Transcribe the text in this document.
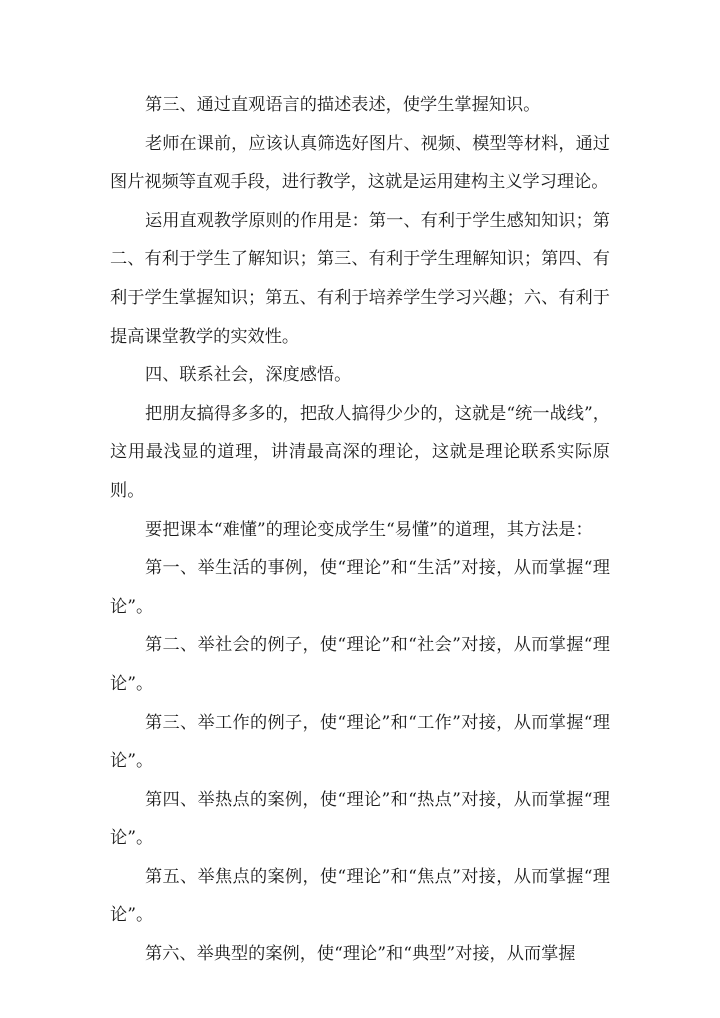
第三、通过直观语言的描述表述，使学生掌握知识。

老师在课前，应该认真筛选好图片、视频、模型等材料，通过图片视频等直观手段，进行教学，这就是运用建构主义学习理论。

运用直观教学原则的作用是：第一、有利于学生感知知识；第二、有利于学生了解知识；第三、有利于学生理解知识；第四、有利于学生掌握知识；第五、有利于培养学生学习兴趣；六、有利于提高课堂教学的实效性。

四、联系社会，深度感悟。

把朋友搞得多多的，把敌人搞得少少的，这就是“统一战线”，这用最浅显的道理，讲清最高深的理论，这就是理论联系实际原则。

要把课本“难懂”的理论变成学生“易懂”的道理，其方法是：

第一、举生活的事例，使“理论”和“生活”对接，从而掌握“理论”。

第二、举社会的例子，使“理论”和“社会”对接，从而掌握“理论”。

第三、举工作的例子，使“理论”和“工作”对接，从而掌握“理论”。

第四、举热点的案例，使“理论”和“热点”对接，从而掌握“理论”。

第五、举焦点的案例，使“理论”和“焦点”对接，从而掌握“理论”。

第六、举典型的案例，使“理论”和“典型”对接，从而掌握
